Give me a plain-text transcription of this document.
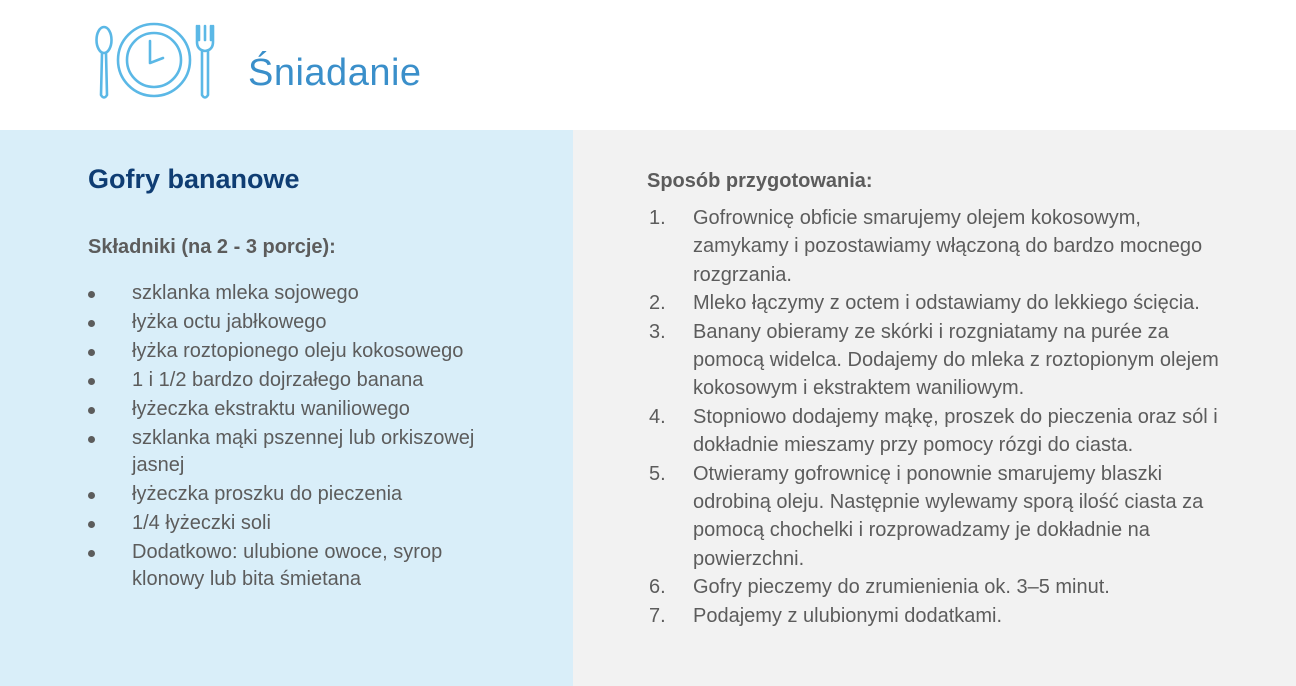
Śniadanie
Gofry bananowe
Składniki (na 2 - 3 porcje):
szklanka mleka sojowego
łyżka octu jabłkowego
łyżka roztopionego oleju kokosowego
1 i 1/2 bardzo dojrzałego banana
łyżeczka ekstraktu waniliowego
szklanka mąki pszennej lub orkiszowej jasnej
łyżeczka proszku do pieczenia
1/4 łyżeczki soli
Dodatkowo: ulubione owoce, syrop klonowy lub bita śmietana
Sposób przygotowania:
1. Gofrownicę obficie smarujemy olejem kokosowym, zamykamy i pozostawiamy włączoną do bardzo mocnego rozgrzania.
2. Mleko łączymy z octem i odstawiamy do lekkiego ścięcia.
3. Banany obieramy ze skórki i rozgniatamy na purée za pomocą widelca. Dodajemy do mleka z roztopionym olejem kokosowym i ekstraktem waniliowym.
4. Stopniowo dodajemy mąkę, proszek do pieczenia oraz sól i dokładnie mieszamy przy pomocy rózgi do ciasta.
5. Otwieramy gofrownicę i ponownie smarujemy blaszki odrobiną oleju. Następnie wylewamy sporą ilość ciasta za pomocą chochelki i rozprowadzamy je dokładnie na powierzchni.
6. Gofry pieczemy do zrumienienia ok. 3–5 minut.
7. Podajemy z ulubionymi dodatkami.
